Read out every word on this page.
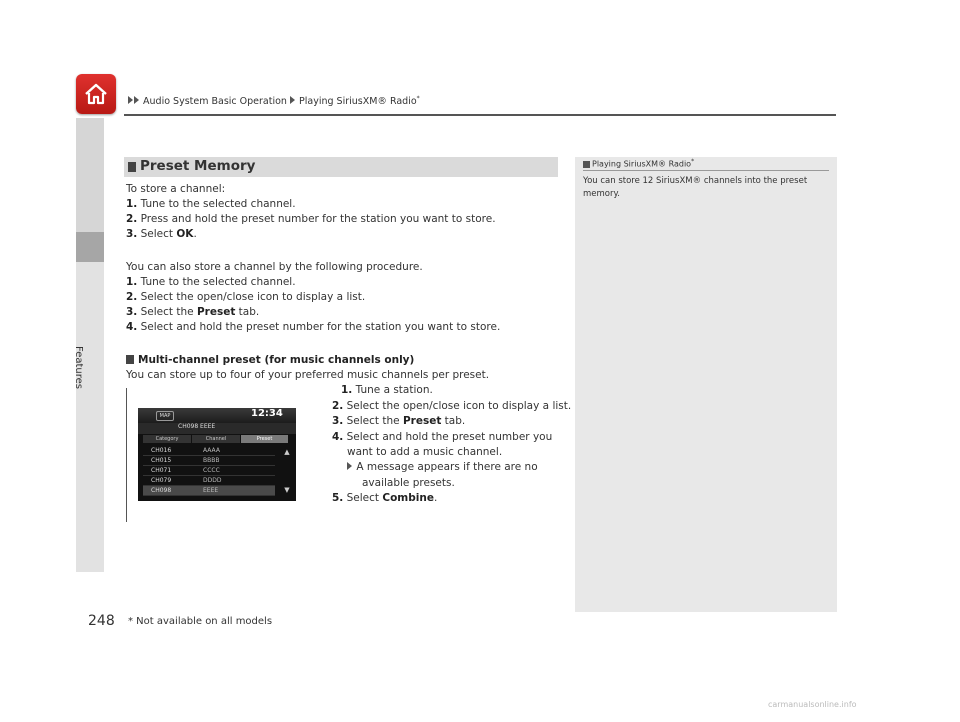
Features
Audio System Basic Operation Playing SiriusXM® Radio*
Preset Memory
To store a channel:
1. Tune to the selected channel.
2. Press and hold the preset number for the station you want to store.
3. Select OK.
You can also store a channel by the following procedure.
1. Tune to the selected channel.
2. Select the open/close icon to display a list.
3. Select the Preset tab.
4. Select and hold the preset number for the station you want to store.
Multi-channel preset (for music channels only)
You can store up to four of your preferred music channels per preset.
1. Tune a station.
2. Select the open/close icon to display a list.
3. Select the Preset tab.
4. Select and hold the preset number you
want to add a music channel.
A message appears if there are no
available presets.
5. Select Combine.
MAP	12:34
CH098 EEEE
Category	Channel	Preset
CH016	AAAA
CH015	BBBB
CH071	CCCC
CH079	DDDD
CH098	EEEE
▲
▼
Playing SiriusXM® Radio*
You can store 12 SiriusXM® channels into the preset memory.
248 * Not available on all models
carmanualsonline.info
